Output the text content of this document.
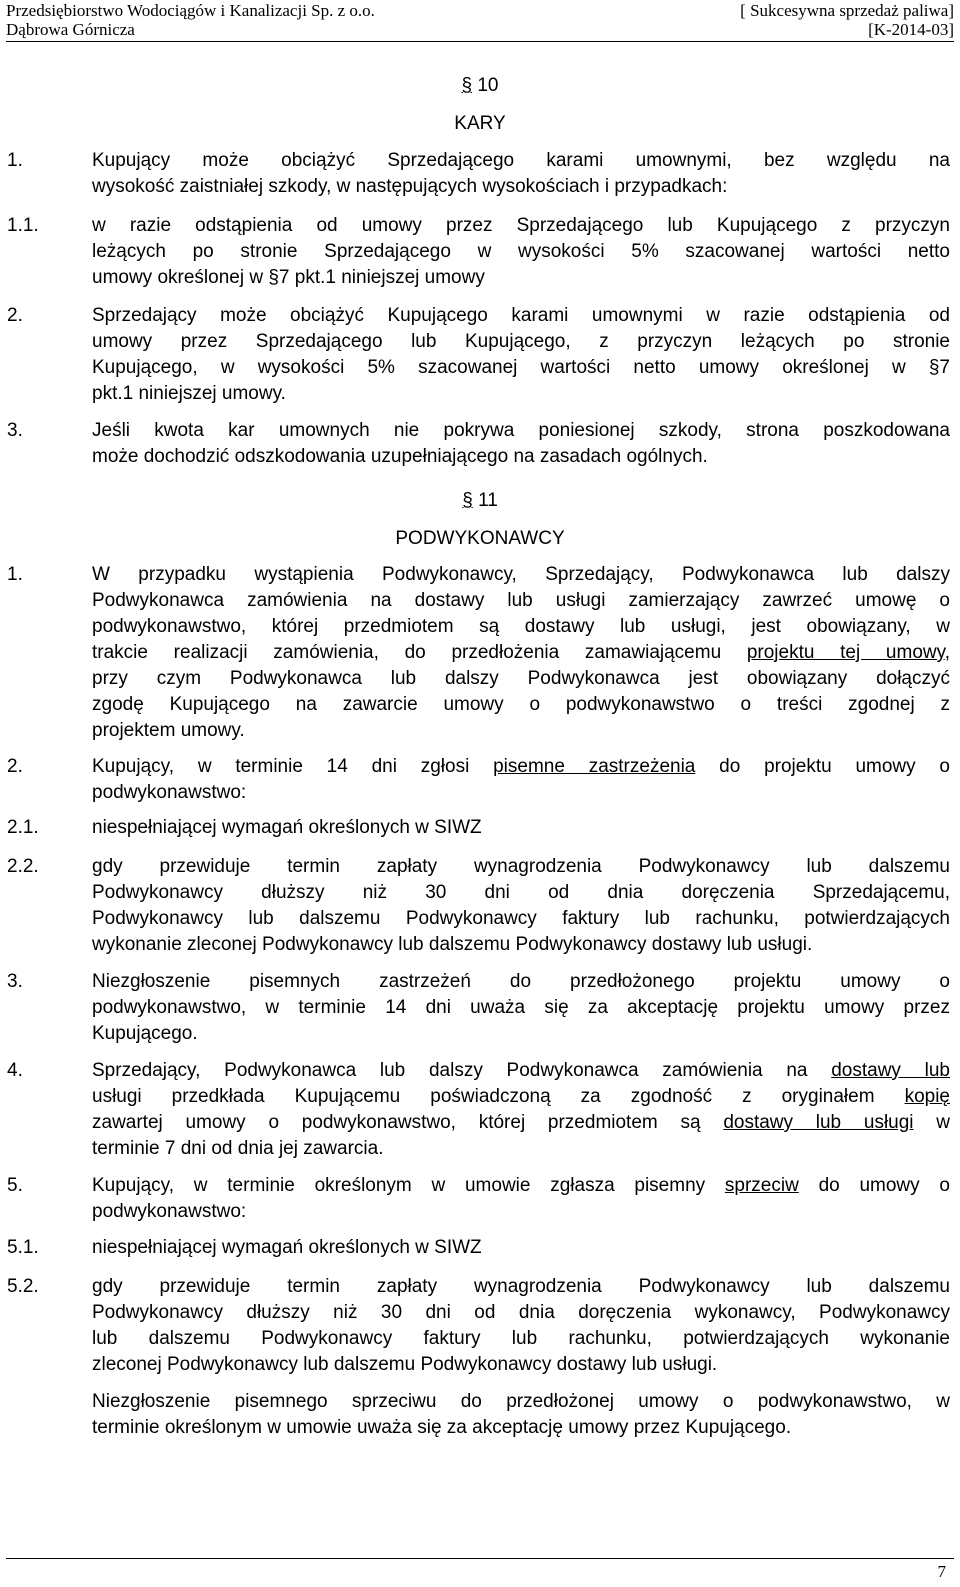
Przedsiębiorstwo Wodociągów i Kanalizacji Sp. z o.o.
Dąbrowa Górnicza
[ Sukcesywna sprzedaż paliwa]
[K-2014-03]
§ 10
KARY
1.	Kupujący może obciążyć Sprzedającego karami umownymi, bez względu na
wysokość zaistniałej szkody, w następujących wysokościach i przypadkach:
1.1.	w razie odstąpienia od umowy przez Sprzedającego lub Kupującego z przyczyn
leżących po stronie Sprzedającego w wysokości 5% szacowanej wartości netto
umowy określonej w §7 pkt.1 niniejszej umowy
2.	Sprzedający może obciążyć Kupującego karami umownymi w razie odstąpienia od
umowy przez Sprzedającego lub Kupującego, z przyczyn leżących po stronie
Kupującego, w wysokości 5% szacowanej wartości netto umowy określonej w §7
pkt.1 niniejszej umowy.
3.	Jeśli kwota kar umownych nie pokrywa poniesionej szkody, strona poszkodowana
może dochodzić odszkodowania uzupełniającego na zasadach ogólnych.
§ 11
PODWYKONAWCY
1.	W przypadku wystąpienia Podwykonawcy, Sprzedający, Podwykonawca lub dalszy
Podwykonawca zamówienia na dostawy lub usługi zamierzający zawrzeć umowę o
podwykonawstwo, której przedmiotem są dostawy lub usługi, jest obowiązany, w
trakcie realizacji zamówienia, do przedłożenia zamawiającemu projektu tej umowy,
przy czym Podwykonawca lub dalszy Podwykonawca jest obowiązany dołączyć
zgodę Kupującego na zawarcie umowy o podwykonawstwo o treści zgodnej z
projektem umowy.
2.	Kupujący, w terminie 14 dni zgłosi pisemne zastrzeżenia do projektu umowy o
podwykonawstwo:
2.1.	niespełniającej wymagań określonych w SIWZ
2.2.	gdy przewiduje termin zapłaty wynagrodzenia Podwykonawcy lub dalszemu
Podwykonawcy dłuższy niż 30 dni od dnia doręczenia Sprzedającemu,
Podwykonawcy lub dalszemu Podwykonawcy faktury lub rachunku, potwierdzających
wykonanie zleconej Podwykonawcy lub dalszemu Podwykonawcy dostawy lub usługi.
3.	Niezgłoszenie pisemnych zastrzeżeń do przedłożonego projektu umowy o
podwykonawstwo, w terminie 14 dni uważa się za akceptację projektu umowy przez
Kupującego.
4.	Sprzedający, Podwykonawca lub dalszy Podwykonawca zamówienia na dostawy lub
usługi przedkłada Kupującemu poświadczoną za zgodność z oryginałem kopię
zawartej umowy o podwykonawstwo, której przedmiotem są dostawy lub usługi w
terminie 7 dni od dnia jej zawarcia.
5.	Kupujący, w terminie określonym w umowie zgłasza pisemny sprzeciw do umowy o
podwykonawstwo:
5.1.	niespełniającej wymagań określonych w SIWZ
5.2.	gdy przewiduje termin zapłaty wynagrodzenia Podwykonawcy lub dalszemu
Podwykonawcy dłuższy niż 30 dni od dnia doręczenia wykonawcy, Podwykonawcy
lub dalszemu Podwykonawcy faktury lub rachunku, potwierdzających wykonanie
zleconej Podwykonawcy lub dalszemu Podwykonawcy dostawy lub usługi.
Niezgłoszenie pisemnego sprzeciwu do przedłożonej umowy o podwykonawstwo, w
terminie określonym w umowie uważa się za akceptację umowy przez Kupującego.
7
